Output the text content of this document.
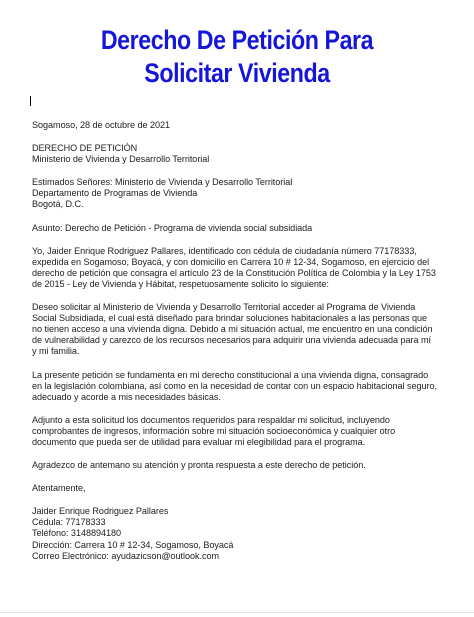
Derecho De Petición Para
Solicitar Vivienda
Sogamoso, 28 de octubre de 2021
DERECHO DE PETICIÓN
Ministerio de Vivienda y Desarrollo Territorial
Estimados Señores: Ministerio de Vivienda y Desarrollo Territorial
Departamento de Programas de Vivienda
Bogotá, D.C.
Asunto: Derecho de Petición - Programa de vivienda social subsidiada
Yo, Jaider Enrique Rodriguez Pallares, identificado con cédula de ciudadanía número 77178333,
expedida en Sogamoso, Boyacá, y con domicilio en Carrera 10 # 12-34, Sogamoso, en ejercicio del
derecho de petición que consagra el artículo 23 de la Constitución Política de Colombia y la Ley 1753
de 2015 - Ley de Vivienda y Hábitat, respetuosamente solicito lo siguiente:
Deseo solicitar al Ministerio de Vivienda y Desarrollo Territorial acceder al Programa de Vivienda
Social Subsidiada, el cual está diseñado para brindar soluciones habitacionales a las personas que
no tienen acceso a una vivienda digna. Debido a mi situación actual, me encuentro en una condición
de vulnerabilidad y carezco de los recursos necesarios para adquirir una vivienda adecuada para mí
y mi familia.
La presente petición se fundamenta en mi derecho constitucional a una vivienda digna, consagrado
en la legislación colombiana, así como en la necesidad de contar con un espacio habitacional seguro,
adecuado y acorde a mis necesidades básicas.
Adjunto a esta solicitud los documentos requeridos para respaldar mi solicitud, incluyendo
comprobantes de ingresos, información sobre mi situación socioeconómica y cualquier otro
documento que pueda ser de utilidad para evaluar mi elegibilidad para el programa.
Agradezco de antemano su atención y pronta respuesta a este derecho de petición.
Atentamente,
Jaider Enrique Rodriguez Pallares
Cédula: 77178333
Teléfono: 3148894180
Dirección: Carrera 10 # 12-34, Sogamoso, Boyacá
Correo Electrónico: ayudazicson@outlook.com
